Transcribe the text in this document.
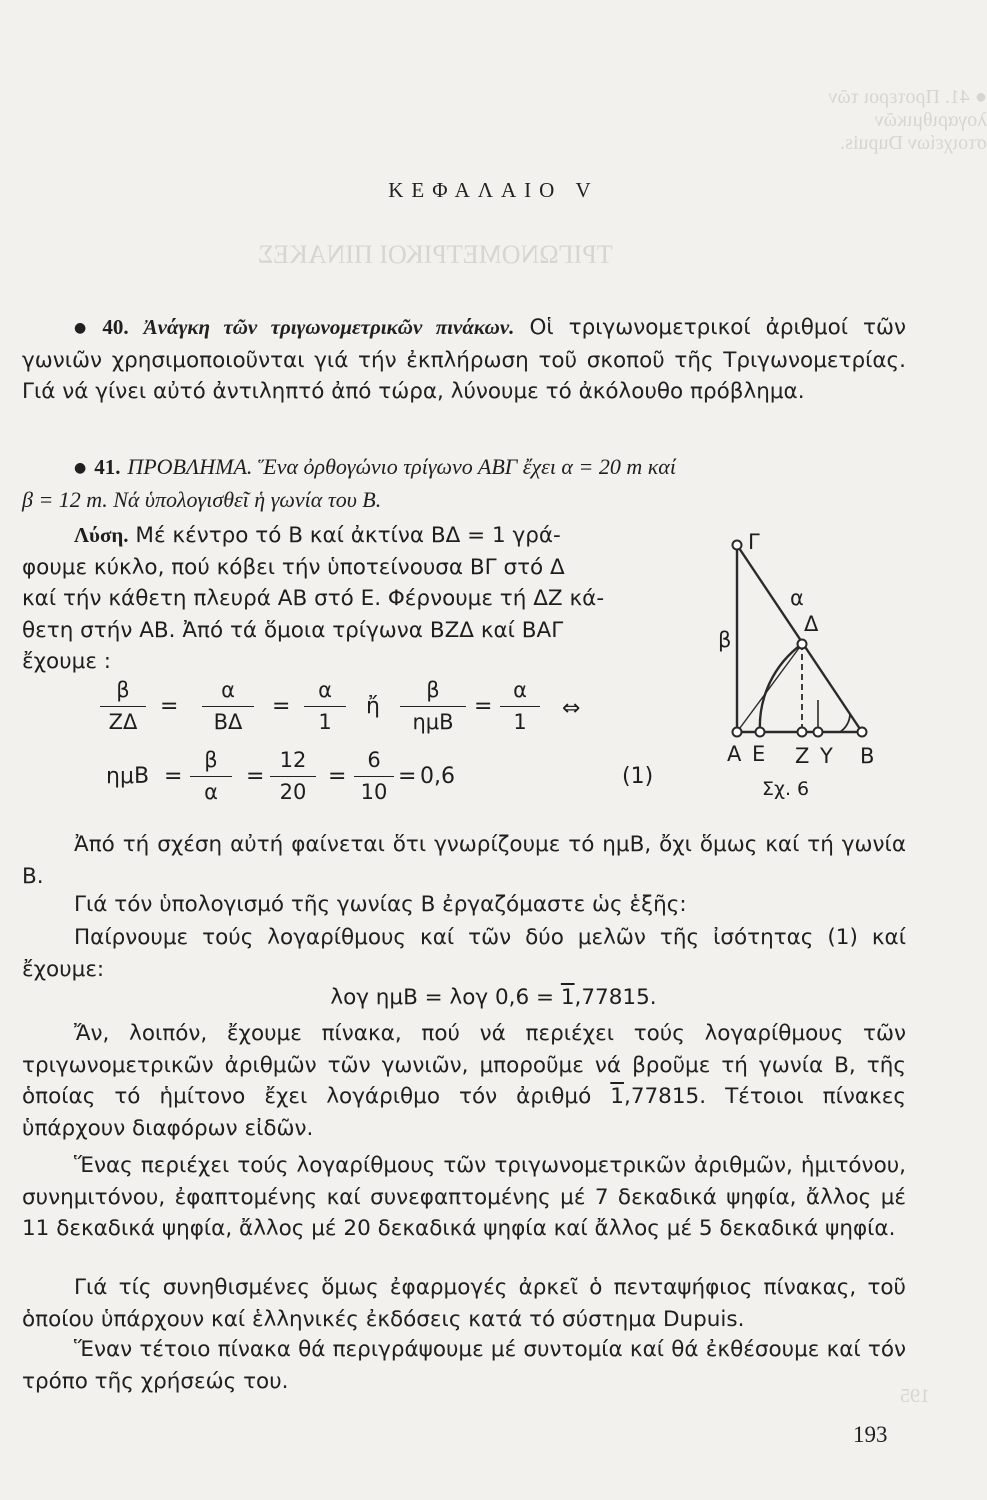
● 41. Προτεροι τῶν λογαριθμικῶν στοιχείων Dupuis.
ΤΡΙΓΩΝΟΜΕΤΡΙΚΟΙ ΠΙΝΑΚΕΣ
195
ΚΕΦΑΛΑΙΟ V
● 40. Ἀνάγκη τῶν τριγωνομετρικῶν πινάκων. Οἱ τριγωνομετρικοί ἀριθμοί τῶν γωνιῶν χρησιμοποιοῦνται γιά τήν ἐκπλήρωση τοῦ σκοποῦ τῆς Τριγωνομετρίας. Γιά νά γίνει αὐτό ἀντιληπτό ἀπό τώρα, λύνουμε τό ἀκόλουθο πρόβλημα.
● 41. ΠΡΟΒΛΗΜΑ. Ἕνα ὀρθογώνιο τρίγωνο ΑΒΓ ἔχει α = 20 m καί
β = 12 m. Νά ὑπολογισθεῖ ἡ γωνία του Β.
Λύση. Μέ κέντρο τό Β καί ἀκτίνα ΒΔ = 1 γρά-
φουμε κύκλο, πού κόβει τήν ὑποτείνουσα ΒΓ στό Δ
καί τήν κάθετη πλευρά ΑΒ στό Ε. Φέρνουμε τή ΔΖ κά-
θετη στήν ΑΒ. Ἀπό τά ὅμοια τρίγωνα ΒΖΔ καί ΒΑΓ
ἔχουμε :
β
ΖΔ
=
α
ΒΔ
=
α
1
ἤ
β
ημΒ
=
α
1
⇔
ημΒ =
β
α
=
12
20
=
6
10
= 0,6	(1)
Γ
α
Δ
β
Α Ε Ζ Υ Β
Σχ. 6
Ἀπό τή σχέση αὐτή φαίνεται ὅτι γνωρίζουμε τό ημΒ, ὄχι ὅμως καί τή γωνία Β.
Γιά τόν ὑπολογισμό τῆς γωνίας Β ἐργαζόμαστε ὡς ἑξῆς:
Παίρνουμε τούς λογαρίθμους καί τῶν δύο μελῶν τῆς ἰσότητας (1) καί ἔχουμε:
λογ ημΒ = λογ 0,6 = 1,77815.
Ἄν, λοιπόν, ἔχουμε πίνακα, πού νά περιέχει τούς λογαρίθμους τῶν τριγωνομετρικῶν ἀριθμῶν τῶν γωνιῶν, μποροῦμε νά βροῦμε τή γωνία Β, τῆς ὁποίας τό ἡμίτονο ἔχει λογάριθμο τόν ἀριθμό 1,77815. Τέτοιοι πίνακες ὑπάρχουν διαφόρων εἰδῶν.
Ἕνας περιέχει τούς λογαρίθμους τῶν τριγωνομετρικῶν ἀριθμῶν, ἡμιτόνου, συνημιτόνου, ἐφαπτομένης καί συνεφαπτομένης μέ 7 δεκαδικά ψηφία, ἄλλος μέ 11 δεκαδικά ψηφία, ἄλλος μέ 20 δεκαδικά ψηφία καί ἄλλος μέ 5 δεκαδικά ψηφία.
Γιά τίς συνηθισμένες ὅμως ἐφαρμογές ἀρκεῖ ὁ πενταψήφιος πίνακας, τοῦ ὁποίου ὑπάρχουν καί ἑλληνικές ἐκδόσεις κατά τό σύστημα Dupuis.
Ἕναν τέτοιο πίνακα θά περιγράψουμε μέ συντομία καί θά ἐκθέσουμε καί τόν τρόπο τῆς χρήσεώς του.
193
